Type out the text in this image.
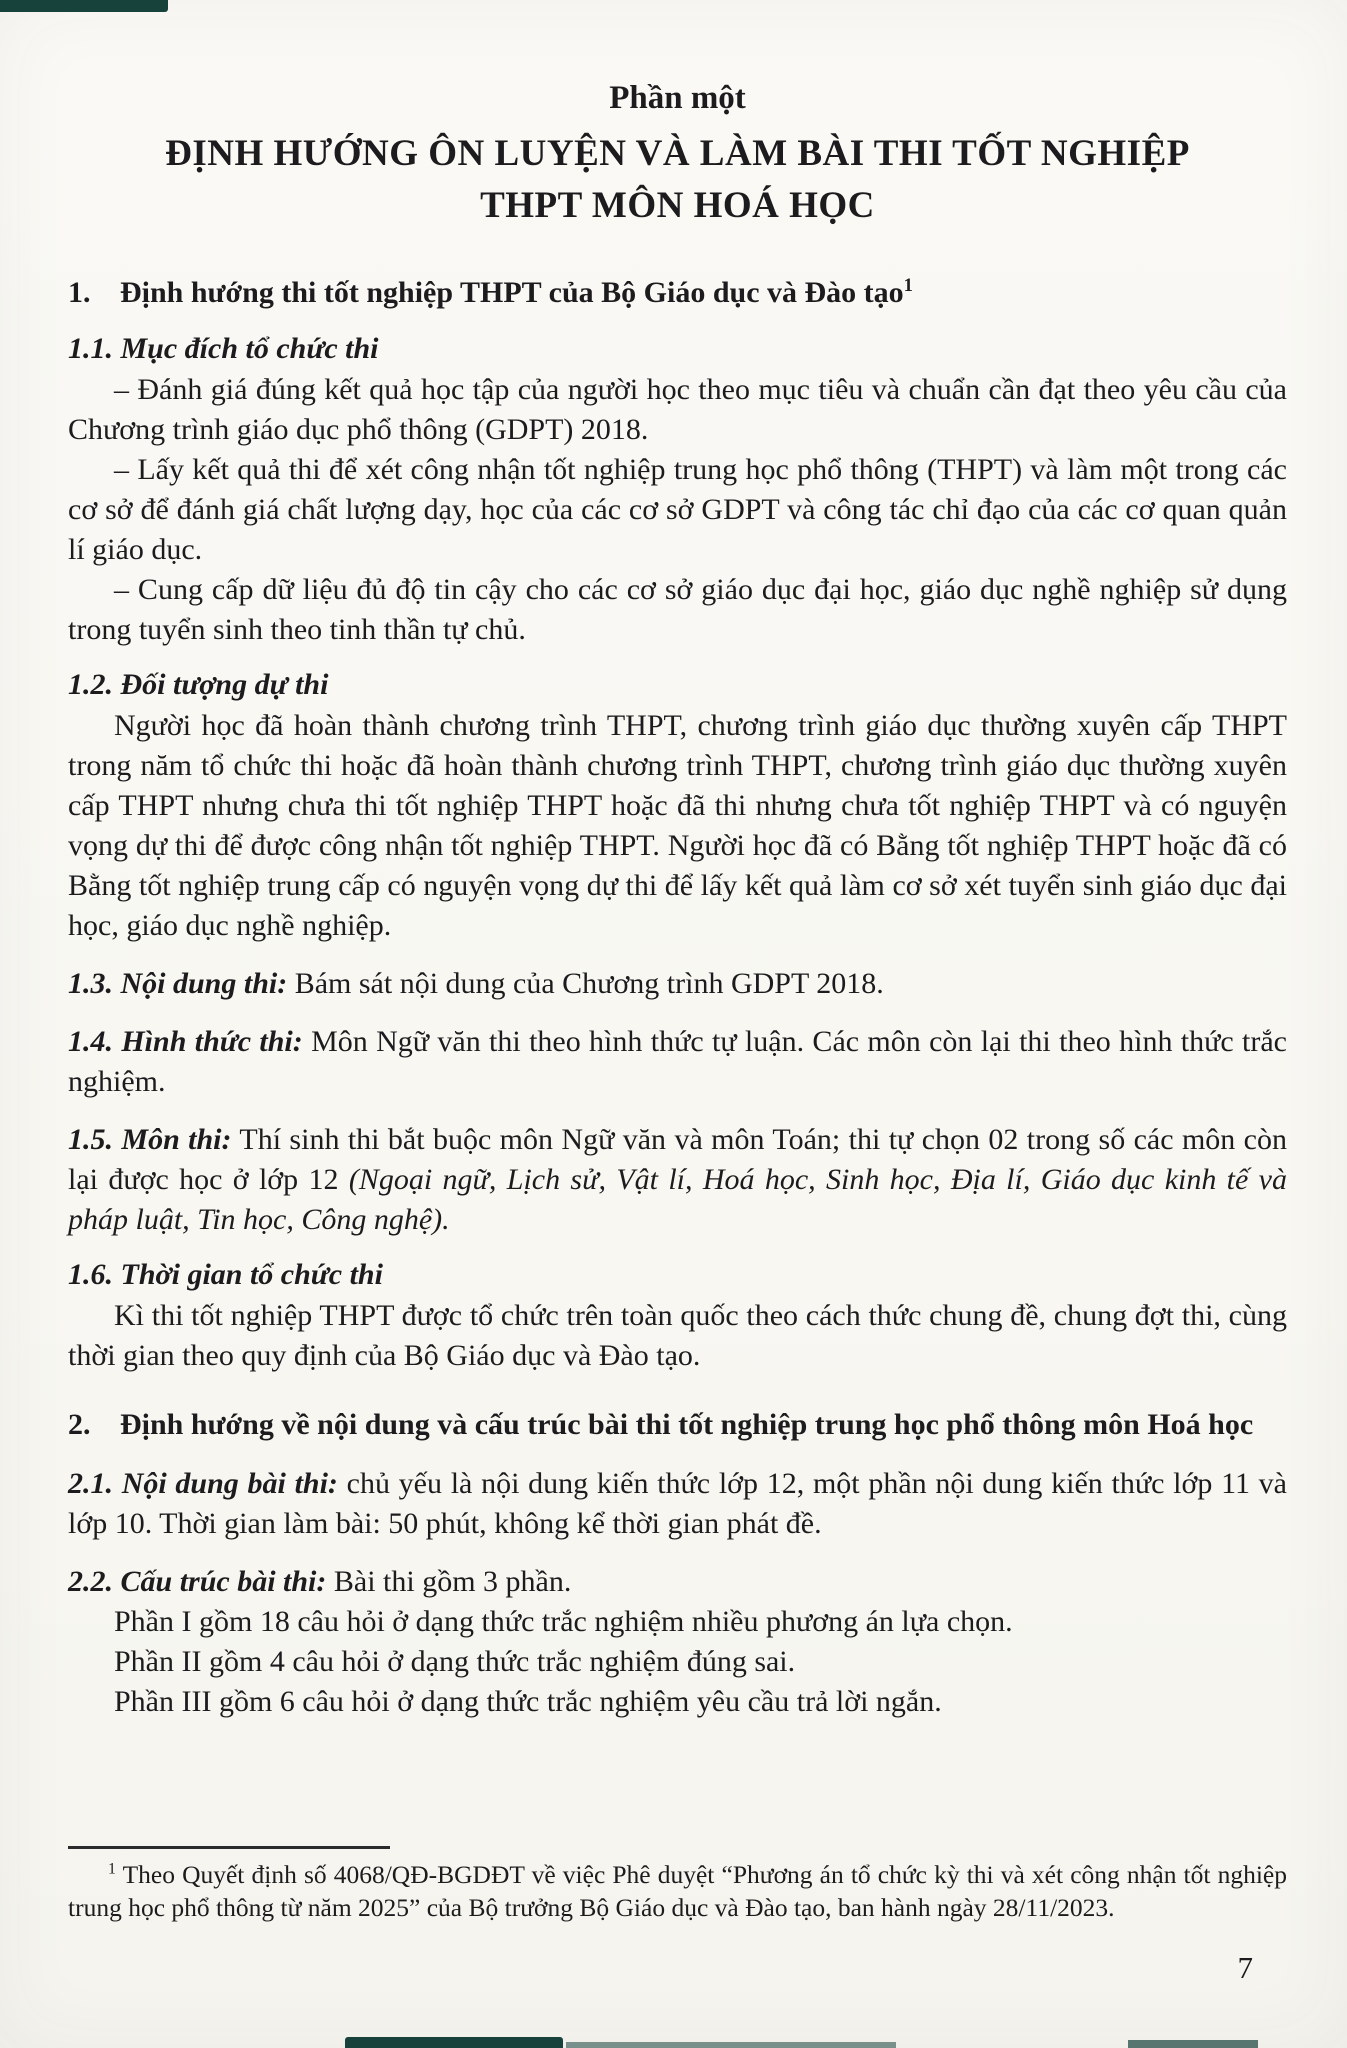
Phần một
ĐỊNH HƯỚNG ÔN LUYỆN VÀ LÀM BÀI THI TỐT NGHIỆP
THPT MÔN HOÁ HỌC
1. Định hướng thi tốt nghiệp THPT của Bộ Giáo dục và Đào tạo$^1$
1.1. Mục đích tổ chức thi

– Đánh giá đúng kết quả học tập của người học theo mục tiêu và chuẩn cần đạt theo yêu cầu của Chương trình giáo dục phổ thông (GDPT) 2018.

– Lấy kết quả thi để xét công nhận tốt nghiệp trung học phổ thông (THPT) và làm một trong các cơ sở để đánh giá chất lượng dạy, học của các cơ sở GDPT và công tác chỉ đạo của các cơ quan quản lí giáo dục.

– Cung cấp dữ liệu đủ độ tin cậy cho các cơ sở giáo dục đại học, giáo dục nghề nghiệp sử dụng trong tuyển sinh theo tinh thần tự chủ.

1.2. Đối tượng dự thi

Người học đã hoàn thành chương trình THPT, chương trình giáo dục thường xuyên cấp THPT trong năm tổ chức thi hoặc đã hoàn thành chương trình THPT, chương trình giáo dục thường xuyên cấp THPT nhưng chưa thi tốt nghiệp THPT hoặc đã thi nhưng chưa tốt nghiệp THPT và có nguyện vọng dự thi để được công nhận tốt nghiệp THPT. Người học đã có Bằng tốt nghiệp THPT hoặc đã có Bằng tốt nghiệp trung cấp có nguyện vọng dự thi để lấy kết quả làm cơ sở xét tuyển sinh giáo dục đại học, giáo dục nghề nghiệp.

1.3. Nội dung thi: Bám sát nội dung của Chương trình GDPT 2018.

1.4. Hình thức thi: Môn Ngữ văn thi theo hình thức tự luận. Các môn còn lại thi theo hình thức trắc nghiệm.

1.5. Môn thi: Thí sinh thi bắt buộc môn Ngữ văn và môn Toán; thi tự chọn 02 trong số các môn còn lại được học ở lớp 12 (Ngoại ngữ, Lịch sử, Vật lí, Hoá học, Sinh học, Địa lí, Giáo dục kinh tế và pháp luật, Tin học, Công nghệ).

1.6. Thời gian tổ chức thi

Kì thi tốt nghiệp THPT được tổ chức trên toàn quốc theo cách thức chung đề, chung đợt thi, cùng thời gian theo quy định của Bộ Giáo dục và Đào tạo.

2. Định hướng về nội dung và cấu trúc bài thi tốt nghiệp trung học phổ thông môn Hoá học

2.1. Nội dung bài thi: chủ yếu là nội dung kiến thức lớp 12, một phần nội dung kiến thức lớp 11 và lớp 10. Thời gian làm bài: 50 phút, không kể thời gian phát đề.

2.2. Cấu trúc bài thi: Bài thi gồm 3 phần.

Phần I gồm 18 câu hỏi ở dạng thức trắc nghiệm nhiều phương án lựa chọn.

Phần II gồm 4 câu hỏi ở dạng thức trắc nghiệm đúng sai.

Phần III gồm 6 câu hỏi ở dạng thức trắc nghiệm yêu cầu trả lời ngắn.

$^1$ Theo Quyết định số 4068/QĐ-BGDĐT về việc Phê duyệt “Phương án tổ chức kỳ thi và xét công nhận tốt nghiệp trung học phổ thông từ năm 2025” của Bộ trưởng Bộ Giáo dục và Đào tạo, ban hành ngày 28/11/2023.

7
